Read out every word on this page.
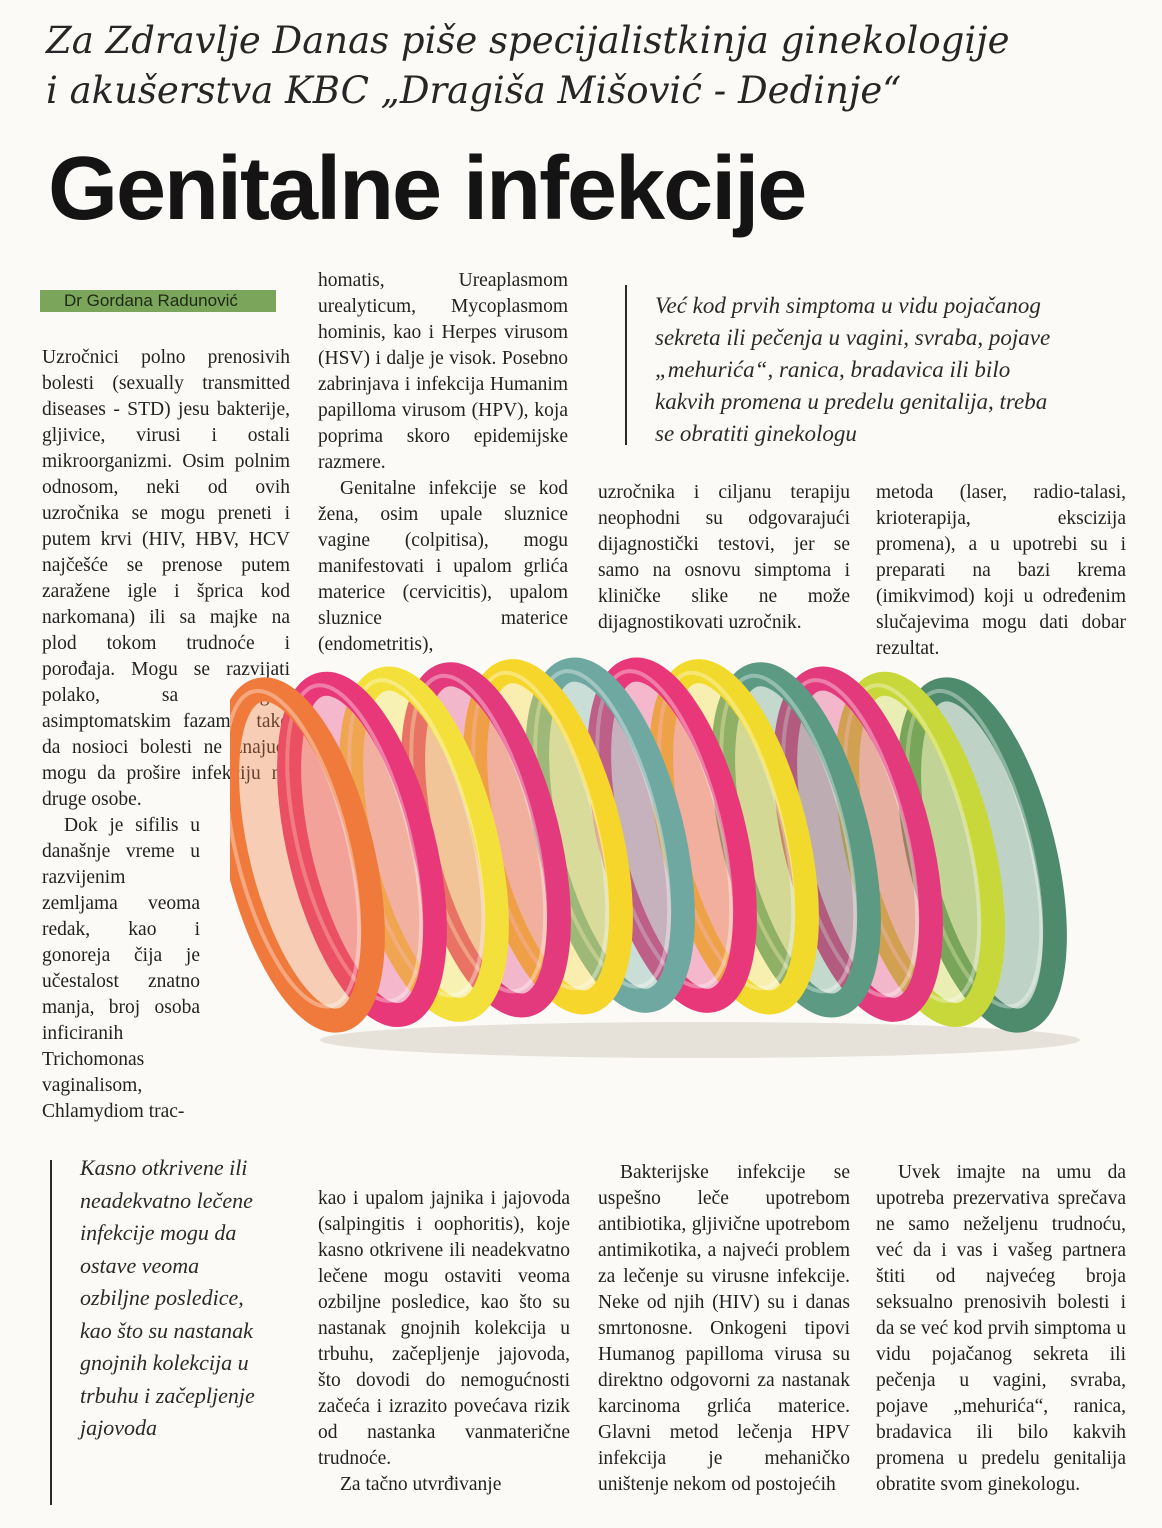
Za Zdravlje Danas piše specijalistkinja ginekologije
i akušerstva KBC „Dragiša Mišović - Dedinje“
Genitalne infekcije
Dr Gordana Radunović

Uzročnici polno prenosivih bolesti (sexually transmitted diseases - STD) jesu bakterije, gljivice, virusi i ostali mikroorganizmi. Osim polnim odnosom, neki od ovih uzročnika se mogu preneti i putem krvi (HIV, HBV, HCV najčešće se prenose putem zaražene igle i šprica kod narkomana) ili sa majke na plod tokom trudnoće i porođaja. Mogu se razvijati polako, sa dugim asimptomatskim fazama, tako da nosioci bolesti ne znajući mogu da prošire infekciju na druge osobe.

Dok je sifilis u današnje vreme u razvijenim zemljama veoma redak, kao i gonoreja čija je učestalost znatno manja, broj osoba inficiranih Trichomonas vaginalisom, Chlamydiom trac-

homatis, Ureaplasmom urealyticum, Mycoplasmom hominis, kao i Herpes virusom (HSV) i dalje je visok. Posebno zabrinjava i infekcija Humanim papilloma virusom (HPV), koja poprima skoro epidemijske razmere.

Genitalne infekcije se kod žena, osim upale sluznice vagine (colpitisa), mogu manifestovati i upalom grlića materice (cervicitis), upalom sluznice materice (endometritis),

Već kod prvih simptoma u vidu pojačanog sekreta ili pečenja u vagini, svraba, pojave „mehurića“, ranica, bradavica ili bilo kakvih promena u predelu genitalija, treba se obratiti ginekologu
uzročnika i ciljanu terapiju neophodni su odgovarajući dijagnostički testovi, jer se samo na osnovu simptoma i kliničke slike ne može dijagnostikovati uzročnik.
metoda (laser, radio-talasi, krioterapija, ekscizija promena), a u upotrebi su i preparati na bazi krema (imikvimod) koji u određenim slučajevima mogu dati dobar rezultat.
Kasno otkrivene ili neadekvatno lečene infekcije mogu da ostave veoma ozbiljne posledice, kao što su nastanak gnojnih kolekcija u trbuhu i začepljenje jajovoda

kao i upalom jajnika i jajovoda (salpingitis i oophoritis), koje kasno otkrivene ili neadekvatno lečene mogu ostaviti veoma ozbiljne posledice, kao što su nastanak gnojnih kolekcija u trbuhu, začepljenje jajovoda, što dovodi do nemogućnosti začeća i izrazito povećava rizik od nastanka vanmaterične trudnoće.

Za tačno utvrđivanje

Bakterijske infekcije se uspešno leče upotrebom antibiotika, gljivične upotrebom antimikotika, a najveći problem za lečenje su virusne infekcije. Neke od njih (HIV) su i danas smrtonosne. Onkogeni tipovi Humanog papilloma virusa su direktno odgovorni za nastanak karcinoma grlića materice. Glavni metod lečenja HPV infekcija je mehaničko uništenje nekom od postojećih
Uvek imajte na umu da upotreba prezervativa sprečava ne samo neželjenu trudnoću, već da i vas i vašeg partnera štiti od najvećeg broja seksualno prenosivih bolesti i da se već kod prvih simptoma u vidu pojačanog sekreta ili pečenja u vagini, svraba, pojave „mehurića“, ranica, bradavica ili bilo kakvih promena u predelu genitalija obratite svom ginekologu.
